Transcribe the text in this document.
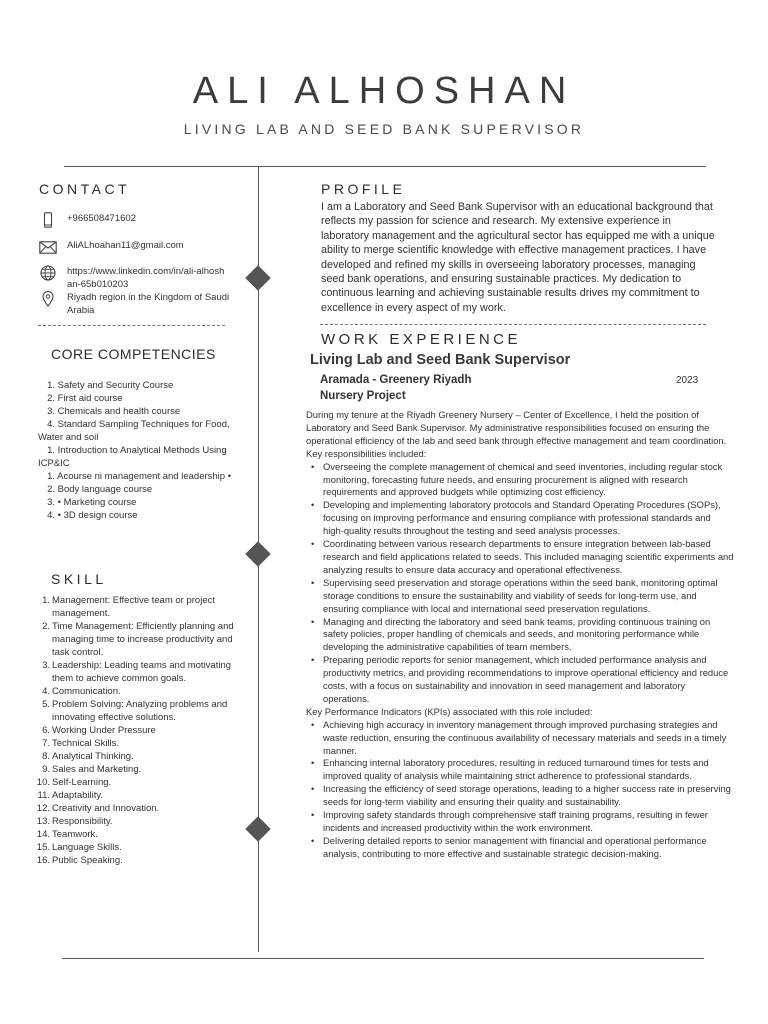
ALI ALHOSHAN
LIVING LAB AND SEED BANK SUPERVISOR
CONTACT
+966508471602
AliALhoahan11@gmail.com
https://www.linkedin.com/in/ali-alhoshan-65b010203
Riyadh region in the Kingdom of Saudi Arabia
CORE COMPETENCIES
1. Safety and Security Course
2. First aid course
3. Chemicals and health course
4. Standard Sampling Techniques for Food, Water and soil
1. Introduction to Analytical Methods Using ICP&IC
1. Acourse ni management and leadership •
2. Body language course
3. • Marketing course
4. • 3D design course
SKILL
1. Management: Effective team or project management.
2. Time Management: Efficiently planning and managing time to increase productivity and task control.
3. Leadership: Leading teams and motivating them to achieve common goals.
4. Communication.
5. Problem Solving: Analyzing problems and innovating effective solutions.
6. Working Under Pressure
7. Technical Skills.
8. Analytical Thinking.
9. Sales and Marketing.
10. Self-Learning.
11. Adaptability.
12. Creativity and Innovation.
13. Responsibility.
14. Teamwork.
15. Language Skills.
16. Public Speaking.
PROFILE
I am a Laboratory and Seed Bank Supervisor with an educational background that reflects my passion for science and research. My extensive experience in laboratory management and the agricultural sector has equipped me with a unique ability to merge scientific knowledge with effective management practices. I have developed and refined my skills in overseeing laboratory processes, managing seed bank operations, and ensuring sustainable practices. My dedication to continuous learning and achieving sustainable results drives my commitment to excellence in every aspect of my work.
WORK EXPERIENCE
Living Lab and Seed Bank Supervisor
Aramada - Greenery Riyadh	2023
Nursery Project

During my tenure at the Riyadh Greenery Nursery – Center of Excellence, I held the position of Laboratory and Seed Bank Supervisor. My administrative responsibilities focused on ensuring the operational efficiency of the lab and seed bank through effective management and team coordination. Key responsibilities included:

• Overseeing the complete management of chemical and seed inventories, including regular stock monitoring, forecasting future needs, and ensuring procurement is aligned with research requirements and approved budgets while optimizing cost efficiency.
• Developing and implementing laboratory protocols and Standard Operating Procedures (SOPs), focusing on improving performance and ensuring compliance with professional standards and high-quality results throughout the testing and seed analysis processes.
• Coordinating between various research departments to ensure integration between lab-based research and field applications related to seeds. This included managing scientific experiments and analyzing results to ensure data accuracy and operational effectiveness.
• Supervising seed preservation and storage operations within the seed bank, monitoring optimal storage conditions to ensure the sustainability and viability of seeds for long-term use, and ensuring compliance with local and international seed preservation regulations.
• Managing and directing the laboratory and seed bank teams, providing continuous training on safety policies, proper handling of chemicals and seeds, and monitoring performance while developing the administrative capabilities of team members.
• Preparing periodic reports for senior management, which included performance analysis and productivity metrics, and providing recommendations to improve operational efficiency and reduce costs, with a focus on sustainability and innovation in seed management and laboratory operations.

Key Performance Indicators (KPIs) associated with this role included:

• Achieving high accuracy in inventory management through improved purchasing strategies and waste reduction, ensuring the continuous availability of necessary materials and seeds in a timely manner.
• Enhancing internal laboratory procedures, resulting in reduced turnaround times for tests and improved quality of analysis while maintaining strict adherence to professional standards.
• Increasing the efficiency of seed storage operations, leading to a higher success rate in preserving seeds for long-term viability and ensuring their quality and sustainability.
• Improving safety standards through comprehensive staff training programs, resulting in fewer incidents and increased productivity within the work environment.
• Delivering detailed reports to senior management with financial and operational performance analysis, contributing to more effective and sustainable strategic decision-making.
